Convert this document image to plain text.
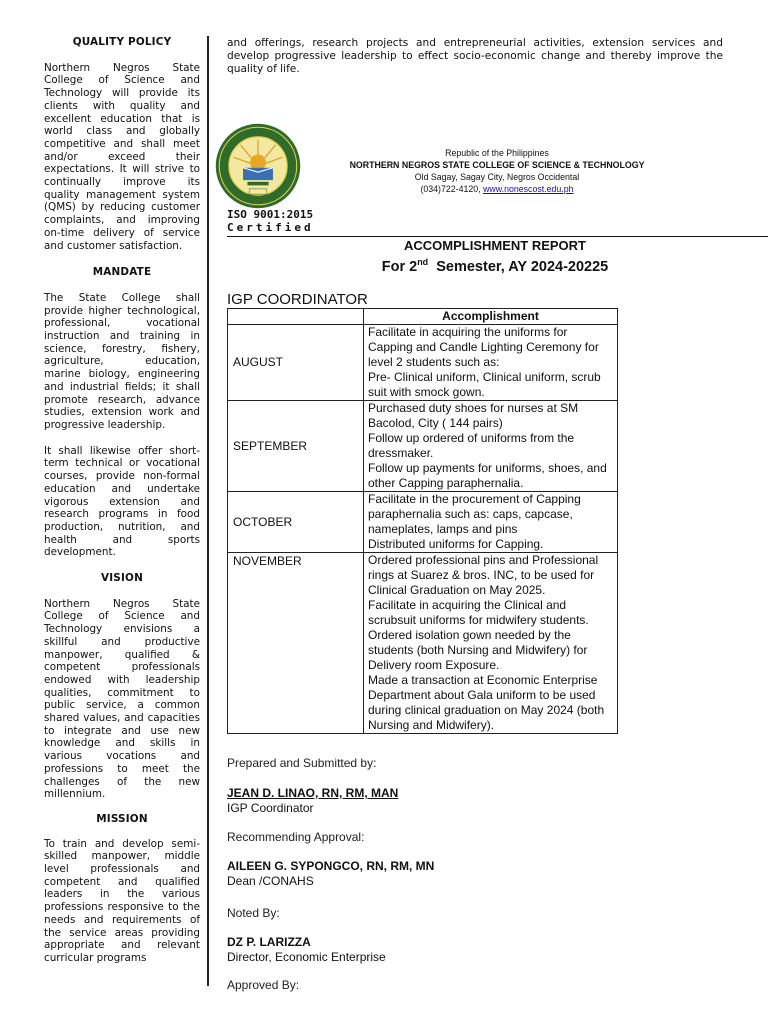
QUALITY POLICY

Northern Negros State College of Science and Technology will provide its clients with quality and excellent education that is world class and globally competitive and shall meet and/or exceed their expectations. It will strive to continually improve its quality management system (QMS) by reducing customer complaints, and improving on-time delivery of service and customer satisfaction.

MANDATE

The State College shall provide higher technological, professional, vocational instruction and training in science, forestry, fishery, agriculture, education, marine biology, engineering and industrial fields; it shall promote research, advance studies, extension work and progressive leadership.

It shall likewise offer short-term technical or vocational courses, provide non-formal education and undertake vigorous extension and research programs in food production, nutrition, and health and sports development.

VISION

Northern Negros State College of Science and Technology envisions a skillful and productive manpower, qualified & competent professionals endowed with leadership qualities, commitment to public service, a common shared values, and capacities to integrate and use new knowledge and skills in various vocations and professions to meet the challenges of the new millennium.

MISSION

To train and develop semi-skilled manpower, middle level professionals and competent and qualified leaders in the various professions responsive to the needs and requirements of the service areas providing appropriate and relevant curricular programs

and offerings, research projects and entrepreneurial activities, extension services and develop progressive leadership to effect socio-economic change and thereby improve the quality of life.
ISO 9001:2015
Certified
Republic of the Philippines
NORTHERN NEGROS STATE COLLEGE OF SCIENCE & TECHNOLOGY
Old Sagay, Sagay City, Negros Occidental
(034)722-4120, www.nonescost.edu.ph
ACCOMPLISHMENT REPORT
For 2nd  Semester, AY 2024-20225
IGP COORDINATOR
	Accomplishment
AUGUST	Facilitate in acquiring the uniforms for Capping and Candle Lighting Ceremony for level 2 students such as:
Pre- Clinical uniform, Clinical uniform, scrub suit with smock gown.

SEPTEMBER	Purchased duty shoes for nurses at SM Bacolod, City ( 144 pairs)
Follow up ordered of uniforms from the dressmaker.
Follow up payments for uniforms, shoes, and other Capping paraphernalia.

OCTOBER	Facilitate in the procurement of Capping paraphernalia such as: caps, capcase, nameplates, lamps and pins
Distributed uniforms for Capping.

NOVEMBER	Ordered professional pins and Professional rings at Suarez & bros. INC, to be used for Clinical Graduation on May 2025.
Facilitate in acquiring the Clinical and scrubsuit uniforms for midwifery students.
Ordered isolation gown needed by the students (both Nursing and Midwifery) for Delivery room Exposure.
Made a transaction at Economic Enterprise Department about Gala uniform to be used during clinical graduation on May 2024 (both Nursing and Midwifery).
Prepared and Submitted by:
JEAN D. LINAO, RN, RM, MAN
IGP Coordinator
Recommending Approval:
AILEEN G. SYPONGCO, RN, RM, MN
Dean /CONAHS
Noted By:
DZ P. LARIZZA
Director, Economic Enterprise
Approved By:
